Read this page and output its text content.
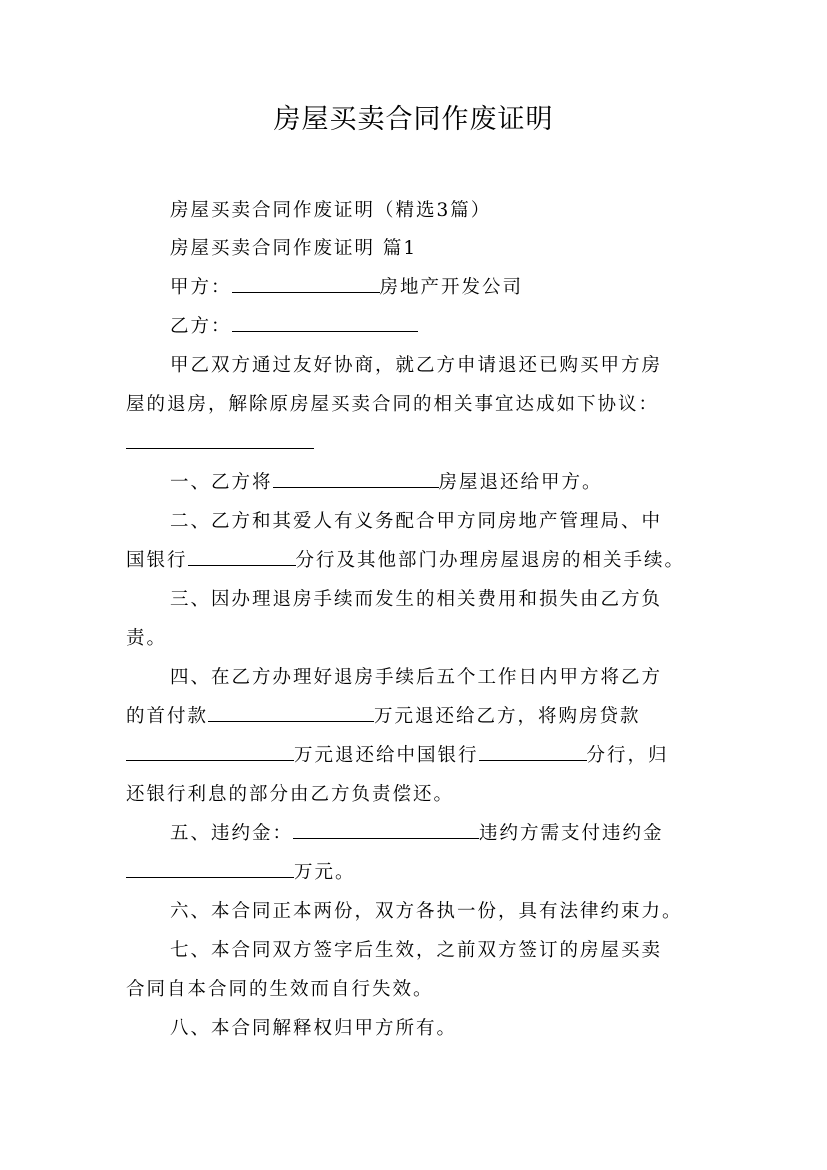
房屋买卖合同作废证明

房屋买卖合同作废证明（精选3篇）

房屋买卖合同作废证明 篇1

甲方：	房地产开发公司

乙方：

甲乙双方通过友好协商，就乙方申请退还已购买甲方房

屋的退房，解除原房屋买卖合同的相关事宜达成如下协议：

一、乙方将	房屋退还给甲方。

二、乙方和其爱人有义务配合甲方同房地产管理局、中

国银行	分行及其他部门办理房屋退房的相关手续。

三、因办理退房手续而发生的相关费用和损失由乙方负

责。

四、在乙方办理好退房手续后五个工作日内甲方将乙方

的首付款	万元退还给乙方，将购房贷款

万元退还给中国银行	分行，归

还银行利息的部分由乙方负责偿还。

五、违约金：	违约方需支付违约金

万元。

六、本合同正本两份，双方各执一份，具有法律约束力。

七、本合同双方签字后生效，之前双方签订的房屋买卖

合同自本合同的生效而自行失效。

八、本合同解释权归甲方所有。
